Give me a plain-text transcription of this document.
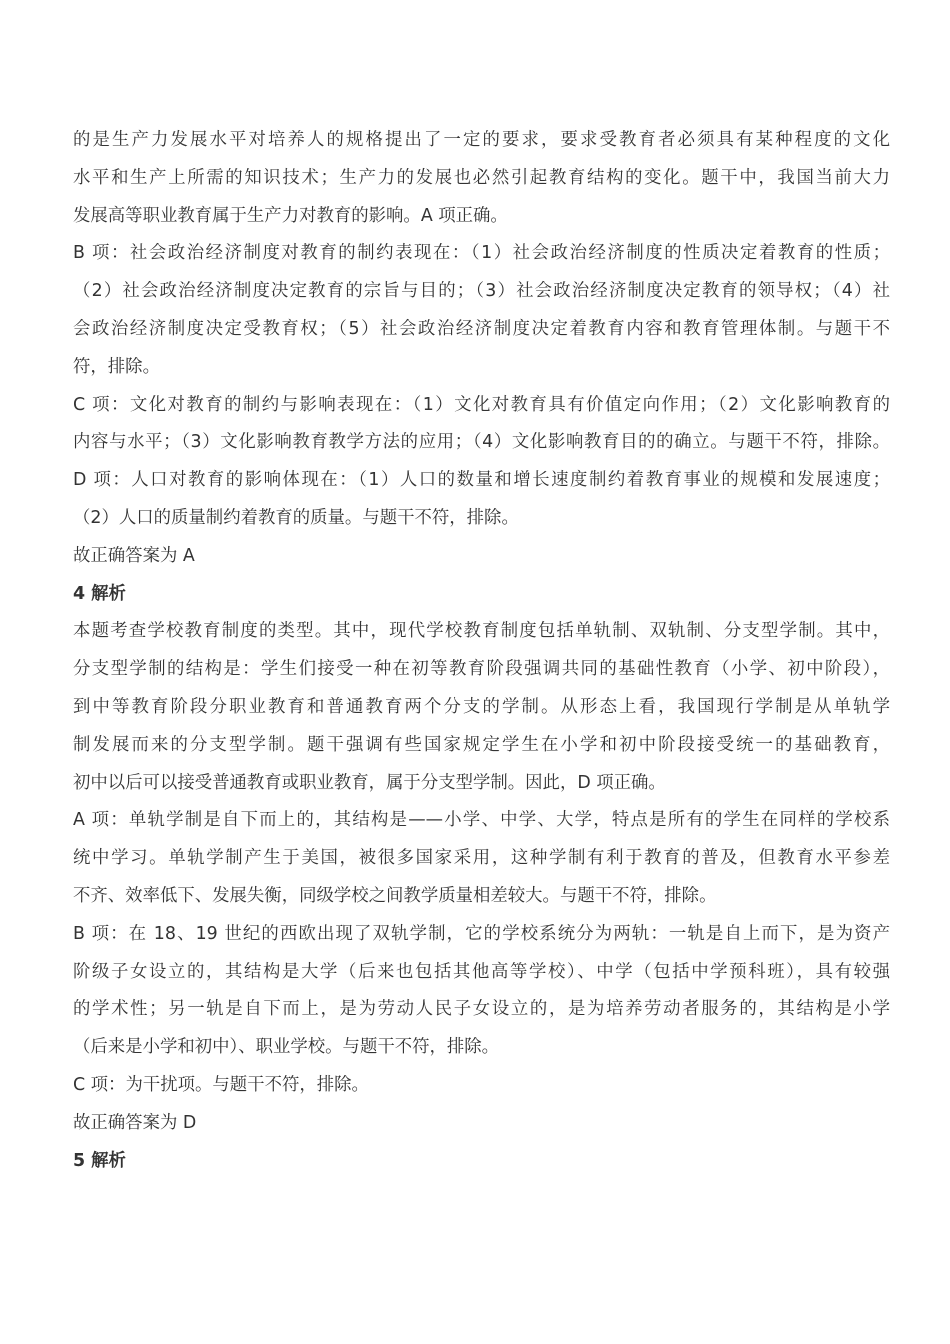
的是生产力发展水平对培养人的规格提出了一定的要求，要求受教育者必须具有某种程度的文化
水平和生产上所需的知识技术；生产力的发展也必然引起教育结构的变化。题干中，我国当前大力
发展高等职业教育属于生产力对教育的影响。A 项正确。
B 项：社会政治经济制度对教育的制约表现在：（1）社会政治经济制度的性质决定着教育的性质；
（2）社会政治经济制度决定教育的宗旨与目的；（3）社会政治经济制度决定教育的领导权；（4）社
会政治经济制度决定受教育权；（5）社会政治经济制度决定着教育内容和教育管理体制。与题干不
符，排除。
C 项：文化对教育的制约与影响表现在：（1）文化对教育具有价值定向作用；（2）文化影响教育的
内容与水平；（3）文化影响教育教学方法的应用；（4）文化影响教育目的的确立。与题干不符，排除。
D 项：人口对教育的影响体现在：（1）人口的数量和增长速度制约着教育事业的规模和发展速度；
（2）人口的质量制约着教育的质量。与题干不符，排除。
故正确答案为 A
4 解析
本题考查学校教育制度的类型。其中，现代学校教育制度包括单轨制、双轨制、分支型学制。其中，
分支型学制的结构是：学生们接受一种在初等教育阶段强调共同的基础性教育（小学、初中阶段），
到中等教育阶段分职业教育和普通教育两个分支的学制。从形态上看，我国现行学制是从单轨学
制发展而来的分支型学制。题干强调有些国家规定学生在小学和初中阶段接受统一的基础教育，
初中以后可以接受普通教育或职业教育，属于分支型学制。因此，D 项正确。
A 项：单轨学制是自下而上的，其结构是——小学、中学、大学，特点是所有的学生在同样的学校系
统中学习。单轨学制产生于美国，被很多国家采用，这种学制有利于教育的普及，但教育水平参差
不齐、效率低下、发展失衡，同级学校之间教学质量相差较大。与题干不符，排除。
B 项：在 18、19 世纪的西欧出现了双轨学制，它的学校系统分为两轨：一轨是自上而下，是为资产
阶级子女设立的，其结构是大学（后来也包括其他高等学校）、中学（包括中学预科班），具有较强
的学术性；另一轨是自下而上，是为劳动人民子女设立的，是为培养劳动者服务的，其结构是小学
（后来是小学和初中）、职业学校。与题干不符，排除。
C 项：为干扰项。与题干不符，排除。
故正确答案为 D
5 解析
